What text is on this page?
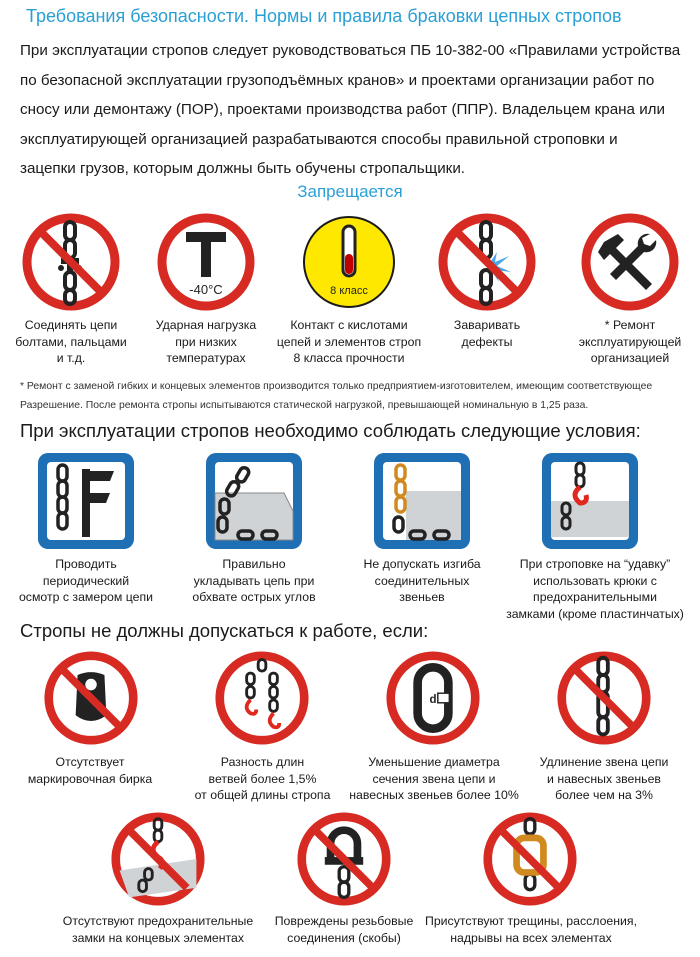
Требования безопасности. Нормы и правила браковки цепных стропов
При эксплуатации стропов следует руководствоваться ПБ 10-382-00 «Правилами устройства
по безопасной эксплуатации грузоподъёмных кранов» и проектами организации работ по
сносу или демонтажу (ПОР), проектами производства работ (ППР). Владельцем крана или
эксплуатирующей организацией разрабатываются способы правильной строповки и
зацепки грузов, которым должны быть обучены стропальщики.
Запрещается
-40°C	8 класс
Соединять цепи
болтами, пальцами
и т.д.
Ударная нагрузка
при низких
температурах
Контакт с кислотами
цепей и элементов строп
8 класса прочности
Заваривать
дефекты
* Ремонт
эксплуатирующей
организацией
* Ремонт с заменой гибких и концевых элементов производится только предприятием-изготовителем, имеющим соответствующее
Разрешение. После ремонта стропы испытываются статической нагрузкой, превышающей номинальную в 1,25 раза.
При эксплуатации стропов необходимо соблюдать следующие условия:
Проводить
периодический
осмотр с замером цепи
Правильно
укладывать цепь при
обхвате острых углов
Не допускать изгиба
соединительных
звеньев
При строповке на “удавку”
использовать крюки с
предохранительными
замками (кроме пластинчатых)
Стропы не должны допускаться к работе, если:
d
Отсутствует
маркировочная бирка
Разность длин
ветвей более 1,5%
от общей длины стропа
Уменьшение диаметра
сечения звена цепи и
навесных звеньев более 10%
Удлинение звена цепи
и навесных звеньев
более чем на 3%
Отсутствуют предохранительные
замки на концевых элементах
Повреждены резьбовые
соединения (скобы)
Присутствуют трещины, расслоения,
надрывы на всех элементах
